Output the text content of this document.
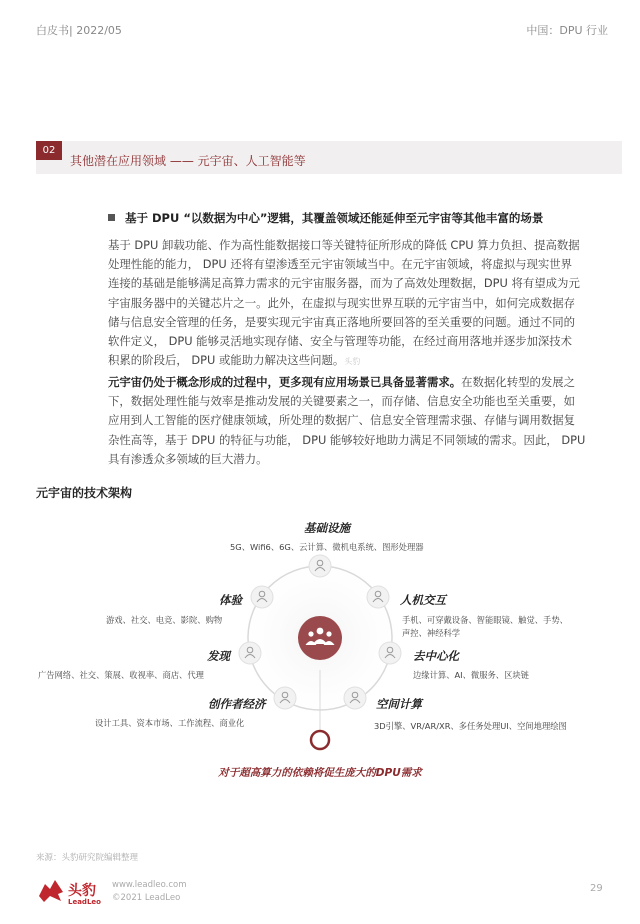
白皮书| 2022/05	中国：DPU 行业
02
其他潜在应用领域 —— 元宇宙、人工智能等
基于 DPU “以数据为中心”逻辑，其覆盖领域还能延伸至元宇宙等其他丰富的场景
基于 DPU 卸载功能、作为高性能数据接口等关键特征所形成的降低 CPU 算力负担、提高数据
处理性能的能力， DPU 还将有望渗透至元宇宙领域当中。在元宇宙领域，将虚拟与现实世界
连接的基础是能够满足高算力需求的元宇宙服务器，而为了高效处理数据，DPU 将有望成为元
宇宙服务器中的关键芯片之一。此外，在虚拟与现实世界互联的元宇宙当中，如何完成数据存
储与信息安全管理的任务，是要实现元宇宙真正落地所要回答的至关重要的问题。通过不同的
软件定义， DPU 能够灵活地实现存储、安全与管理等功能，在经过商用落地并逐步加深技术
积累的阶段后， DPU 或能助力解决这些问题。头豹
元宇宙仍处于概念形成的过程中，更多现有应用场景已具备显著需求。在数据化转型的发展之
下，数据处理性能与效率是推动发展的关键要素之一，而存储、信息安全功能也至关重要，如
应用到人工智能的医疗健康领域，所处理的数据广、信息安全管理需求强、存储与调用数据复
杂性高等，基于 DPU 的特征与功能， DPU 能够较好地助力满足不同领域的需求。因此， DPU
具有渗透众多领域的巨大潜力。
元宇宙的技术架构
基础设施
5G、Wifi6、6G、云计算、微机电系统、图形处理器
体验
游戏、社交、电竞、影院、购物
人机交互
手机、可穿戴设备、智能眼镜、触觉、手势、
声控、神经科学
发现
广告网络、社交、策展、收视率、商店、代理
去中心化
边缘计算、AI、微服务、区块链
创作者经济
设计工具、资本市场、工作流程、商业化
空间计算
3D引擎、VR/AR/XR、多任务处理UI、空间地理绘图
对于超高算力的依赖将促生庞大的DPU需求
来源：头豹研究院编辑整理
头豹
LeadLeo
www.leadleo.com
©2021 LeadLeo
29
